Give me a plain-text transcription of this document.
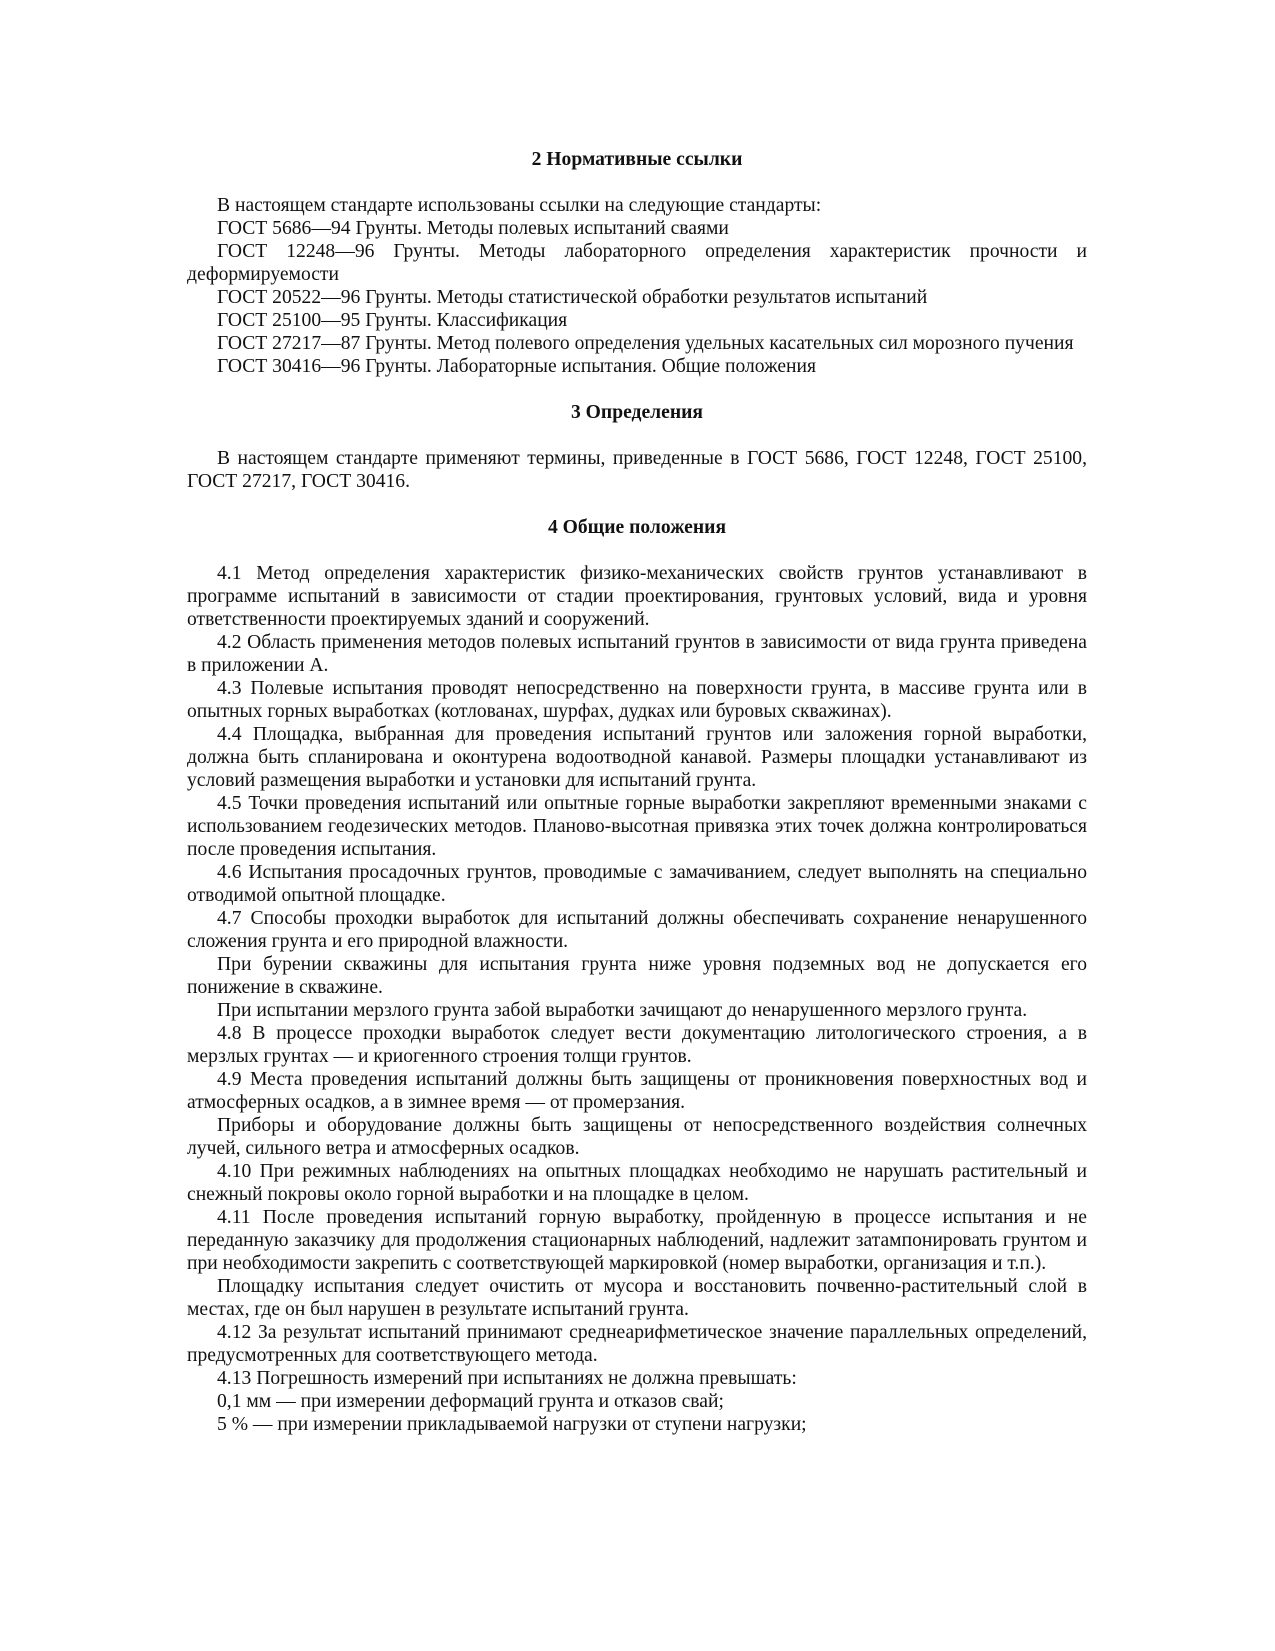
2 Нормативные ссылки

В настоящем стандарте использованы ссылки на следующие стандарты:

ГОСТ 5686—94 Грунты. Методы полевых испытаний сваями

ГОСТ 12248—96 Грунты. Методы лабораторного определения характеристик прочности и деформируемости

ГОСТ 20522—96 Грунты. Методы статистической обработки результатов испытаний

ГОСТ 25100—95 Грунты. Классификация

ГОСТ 27217—87 Грунты. Метод полевого определения удельных касательных сил морозного пучения

ГОСТ 30416—96 Грунты. Лабораторные испытания. Общие положения

3 Определения

В настоящем стандарте применяют термины, приведенные в ГОСТ 5686, ГОСТ 12248, ГОСТ 25100, ГОСТ 27217, ГОСТ 30416.

4 Общие положения

4.1 Метод определения характеристик физико-механических свойств грунтов устанавливают в программе испытаний в зависимости от стадии проектирования, грунтовых условий, вида и уровня ответственности проектируемых зданий и сооружений.

4.2 Область применения методов полевых испытаний грунтов в зависимости от вида грунта приведена в приложении А.

4.3 Полевые испытания проводят непосредственно на поверхности грунта, в массиве грунта или в опытных горных выработках (котлованах, шурфах, дудках или буровых скважинах).

4.4 Площадка, выбранная для проведения испытаний грунтов или заложения горной выработки, должна быть спланирована и оконтурена водоотводной канавой. Размеры площадки устанавливают из условий размещения выработки и установки для испытаний грунта.

4.5 Точки проведения испытаний или опытные горные выработки закрепляют временными знаками с использованием геодезических методов. Планово-высотная привязка этих точек должна контролироваться после проведения испытания.

4.6 Испытания просадочных грунтов, проводимые с замачиванием, следует выполнять на специально отводимой опытной площадке.

4.7 Способы проходки выработок для испытаний должны обеспечивать сохранение ненарушенного сложения грунта и его природной влажности.

При бурении скважины для испытания грунта ниже уровня подземных вод не допускается его понижение в скважине.

При испытании мерзлого грунта забой выработки зачищают до ненарушенного мерзлого грунта.

4.8 В процессе проходки выработок следует вести документацию литологического строения, а в мерзлых грунтах — и криогенного строения толщи грунтов.

4.9 Места проведения испытаний должны быть защищены от проникновения поверхностных вод и атмосферных осадков, а в зимнее время — от промерзания.

Приборы и оборудование должны быть защищены от непосредственного воздействия солнечных лучей, сильного ветра и атмосферных осадков.

4.10 При режимных наблюдениях на опытных площадках необходимо не нарушать растительный и снежный покровы около горной выработки и на площадке в целом.

4.11 После проведения испытаний горную выработку, пройденную в процессе испытания и не переданную заказчику для продолжения стационарных наблюдений, надлежит затампонировать грунтом и при необходимости закрепить с соответствующей маркировкой (номер выработки, организация и т.п.).

Площадку испытания следует очистить от мусора и восстановить почвенно-растительный слой в местах, где он был нарушен в результате испытаний грунта.

4.12 За результат испытаний принимают среднеарифметическое значение параллельных определений, предусмотренных для соответствующего метода.

4.13 Погрешность измерений при испытаниях не должна превышать:

0,1 мм — при измерении деформаций грунта и отказов свай;

5 % — при измерении прикладываемой нагрузки от ступени нагрузки;
